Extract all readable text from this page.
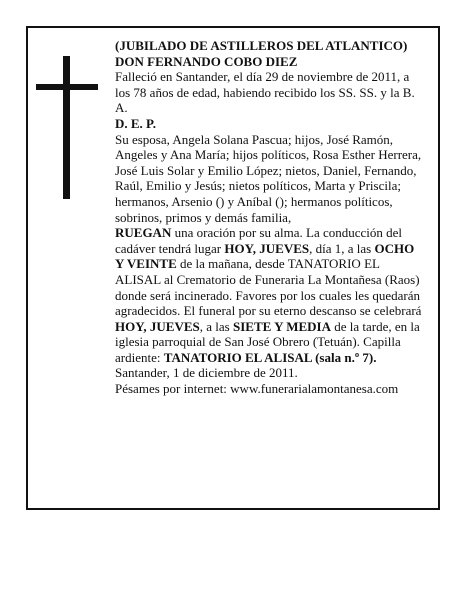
(JUBILADO DE ASTILLEROS DEL ATLANTICO)

DON FERNANDO COBO DIEZ

Falleció en Santander, el día 29 de noviembre de 2011, a los 78 años de edad, habiendo recibido los SS. SS. y la B. A.

D. E. P.

Su esposa, Angela Solana Pascua; hijos, José Ramón, Angeles y Ana María; hijos políticos, Rosa Esther Herrera, José Luis Solar y Emilio López; nietos, Daniel, Fernando, Raúl, Emilio y Jesús; nietos políticos, Marta y Priscila; hermanos, Arsenio () y Aníbal (); hermanos políticos, sobrinos, primos y demás familia,

RUEGAN una oración por su alma. La conducción del cadáver tendrá lugar HOY, JUEVES, día 1, a las OCHO Y VEINTE de la mañana, desde TANATORIO EL ALISAL al Crematorio de Funeraria La Montañesa (Raos) donde será incinerado. Favores por los cuales les quedarán agradecidos. El funeral por su eterno descanso se celebrará HOY, JUEVES, a las SIETE Y MEDIA de la tarde, en la iglesia parroquial de San José Obrero (Tetuán). Capilla ardiente: TANATORIO EL ALISAL (sala n.º 7).

Santander, 1 de diciembre de 2011.

Pésames por internet: www.funerarialamontanesa.com
